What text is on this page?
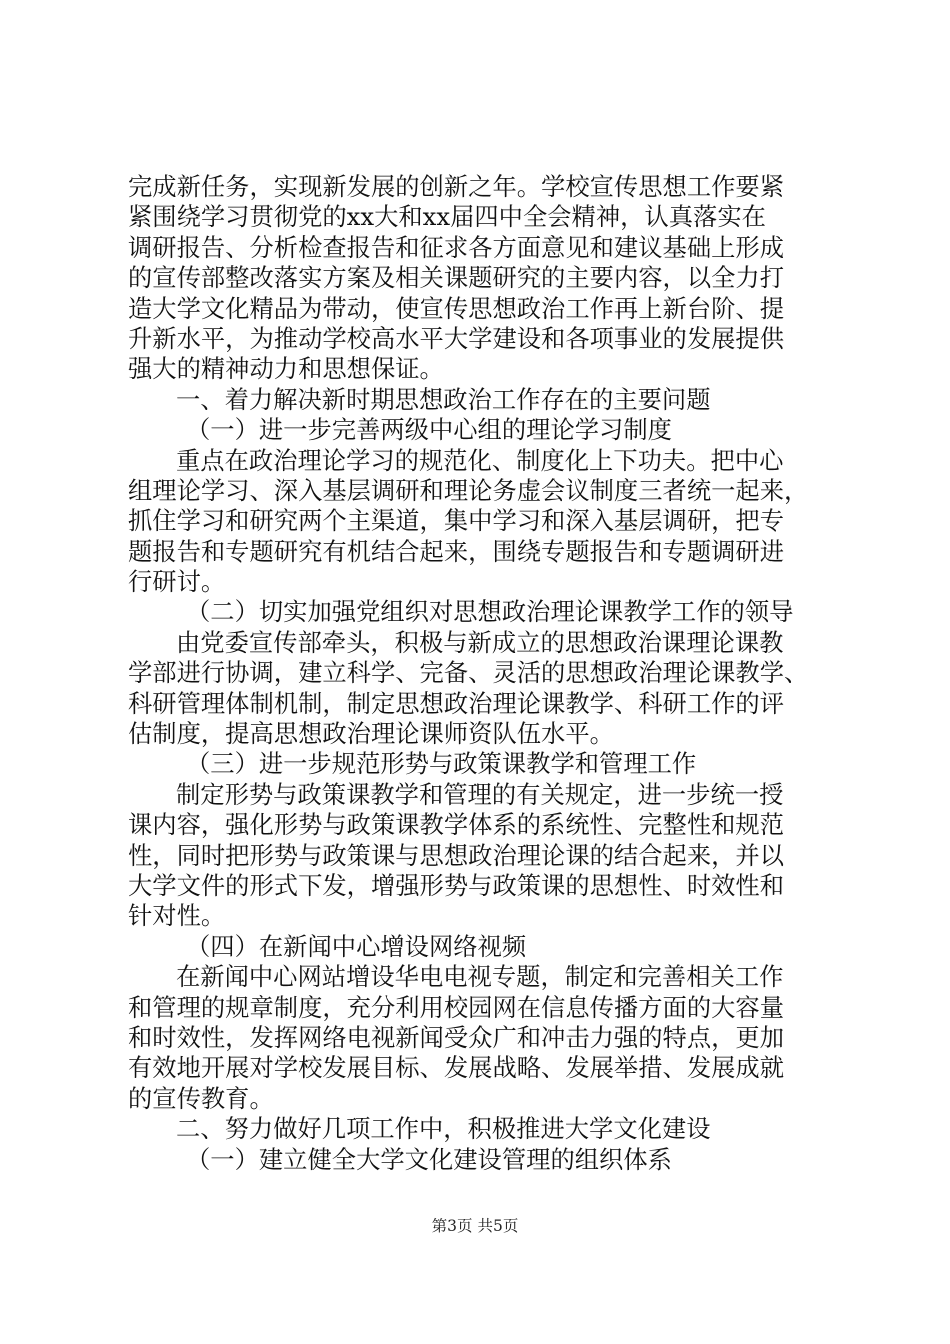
完成新任务，实现新发展的创新之年。学校宣传思想工作要紧
紧围绕学习贯彻党的xx大和xx届四中全会精神，认真落实在
调研报告、分析检查报告和征求各方面意见和建议基础上形成
的宣传部整改落实方案及相关课题研究的主要内容，以全力打
造大学文化精品为带动，使宣传思想政治工作再上新台阶、提
升新水平，为推动学校高水平大学建设和各项事业的发展提供
强大的精神动力和思想保证。
一、着力解决新时期思想政治工作存在的主要问题
（一）进一步完善两级中心组的理论学习制度
重点在政治理论学习的规范化、制度化上下功夫。把中心
组理论学习、深入基层调研和理论务虚会议制度三者统一起来，
抓住学习和研究两个主渠道，集中学习和深入基层调研，把专
题报告和专题研究有机结合起来，围绕专题报告和专题调研进
行研讨。
（二）切实加强党组织对思想政治理论课教学工作的领导
由党委宣传部牵头，积极与新成立的思想政治课理论课教
学部进行协调，建立科学、完备、灵活的思想政治理论课教学、
科研管理体制机制，制定思想政治理论课教学、科研工作的评
估制度，提高思想政治理论课师资队伍水平。
（三）进一步规范形势与政策课教学和管理工作
制定形势与政策课教学和管理的有关规定，进一步统一授
课内容，强化形势与政策课教学体系的系统性、完整性和规范
性，同时把形势与政策课与思想政治理论课的结合起来，并以
大学文件的形式下发，增强形势与政策课的思想性、时效性和
针对性。
（四）在新闻中心增设网络视频
在新闻中心网站增设华电电视专题，制定和完善相关工作
和管理的规章制度，充分利用校园网在信息传播方面的大容量
和时效性，发挥网络电视新闻受众广和冲击力强的特点，更加
有效地开展对学校发展目标、发展战略、发展举措、发展成就
的宣传教育。
二、努力做好几项工作中，积极推进大学文化建设
（一）建立健全大学文化建设管理的组织体系
第3页 共5页
